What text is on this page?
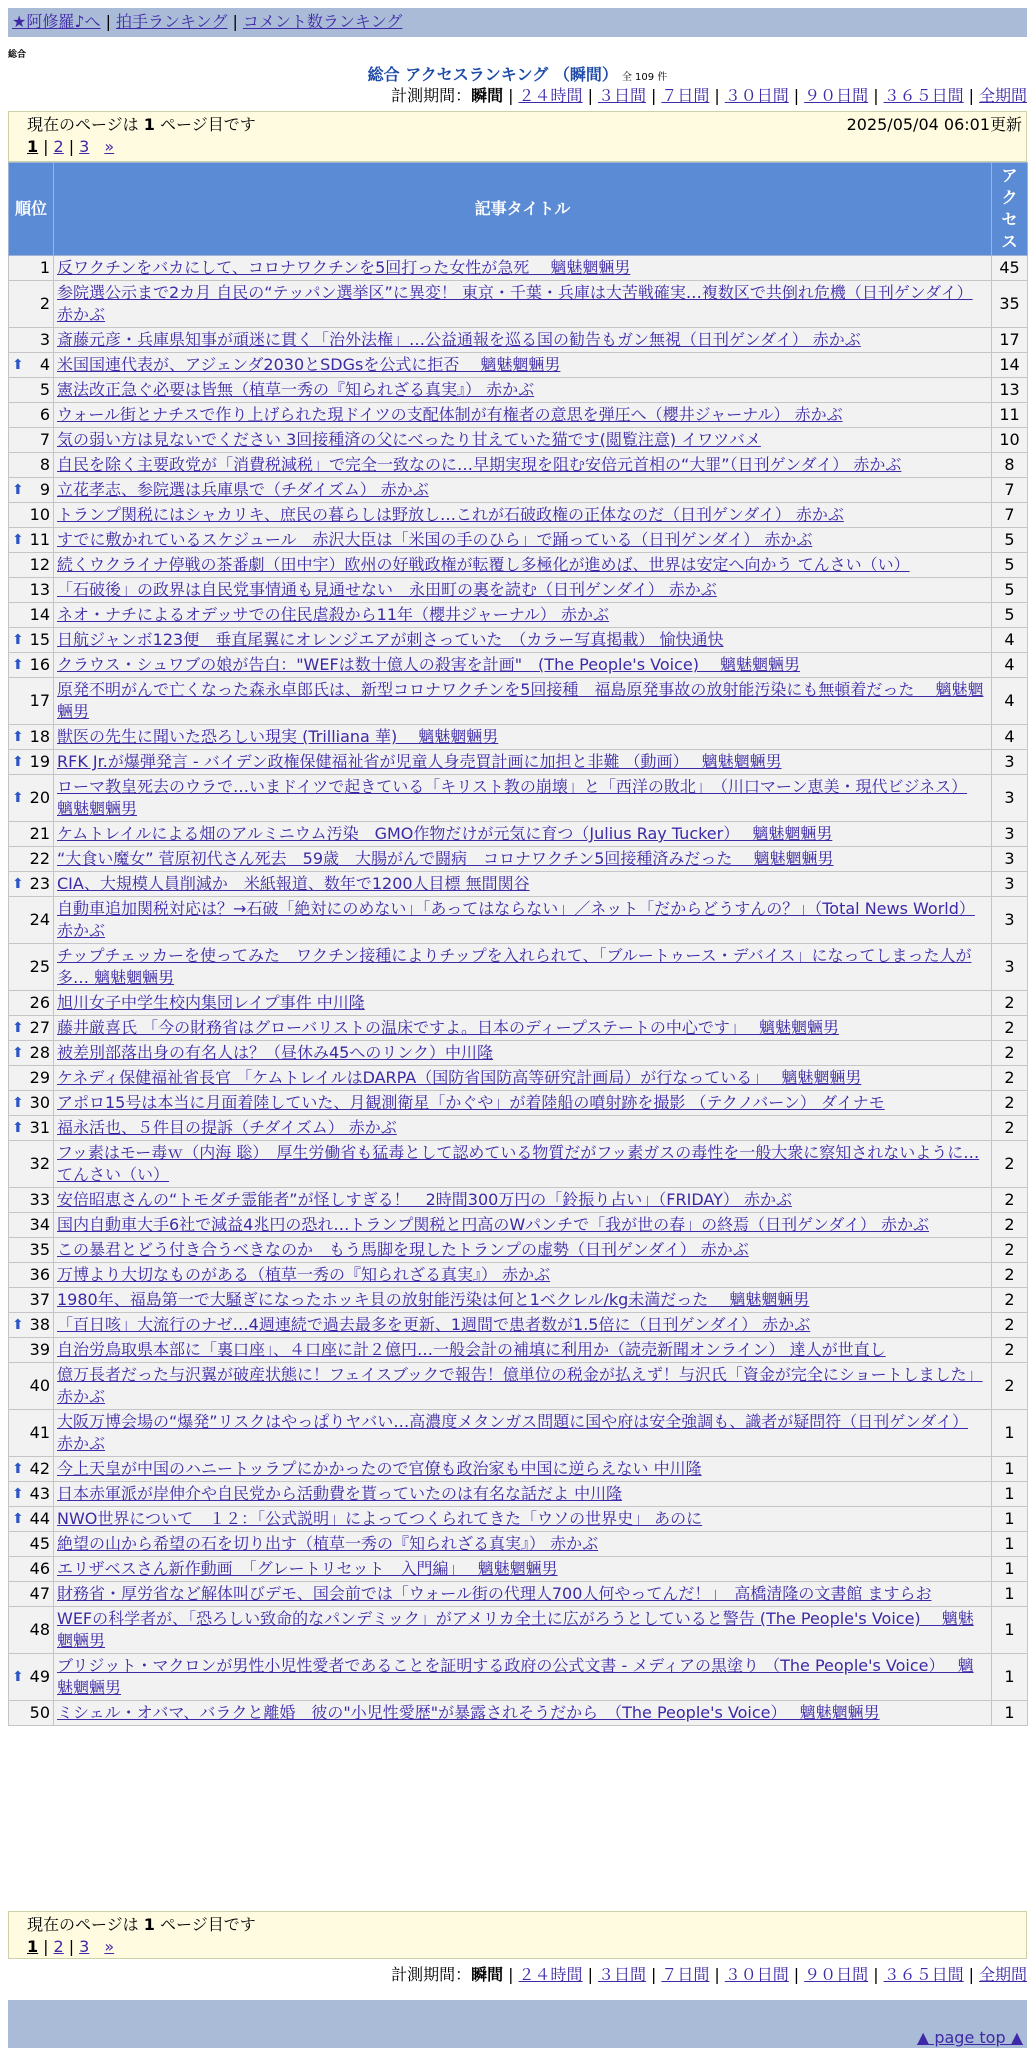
★阿修羅♪へ | 拍手ランキング | コメント数ランキング
総合
総合 アクセスランキング （瞬間） 全 109 件
計測期間：瞬間 | ２４時間 | ３日間 | ７日間 | ３０日間 | ９０日間 | ３６５日間 | 全期間
現在のページは 1 ページ目です	2025/05/04 06:01更新
1 | 2 | 3 »
順位	記事タイトル	アクセス
1	反ワクチンをバカにして、コロナワクチンを5回打った女性が急死　 魑魅魍魎男	45
2	参院選公示まで2カ月 自民の“テッパン選挙区”に異変！ 東京・千葉・兵庫は大苦戦確実…複数区で共倒れ危機（日刊ゲンダイ） 赤かぶ	35
3	斎藤元彦・兵庫県知事が頑迷に貫く「治外法権」…公益通報を巡る国の勧告もガン無視（日刊ゲンダイ） 赤かぶ	17

⬆ 4	米国国連代表が、アジェンダ2030とSDGsを公式に拒否　 魑魅魍魎男	14
5	憲法改正急ぐ必要は皆無（植草一秀の『知られざる真実』） 赤かぶ	13
6	ウォール街とナチスで作り上げられた現ドイツの支配体制が有権者の意思を弾圧へ（櫻井ジャーナル） 赤かぶ	11
7	気の弱い方は見ないでください 3回接種済の父にべったり甘えていた猫です(閲覧注意) イワツバメ	10
8	自民を除く主要政党が「消費税減税」で完全一致なのに…早期実現を阻む安倍元首相の“大罪”（日刊ゲンダイ） 赤かぶ	8

⬆ 9	立花孝志、参院選は兵庫県で（チダイズム） 赤かぶ	7
10	トランプ関税にはシャカリキ、庶民の暮らしは野放し…これが石破政権の正体なのだ（日刊ゲンダイ） 赤かぶ	7

⬆ 11	すでに敷かれているスケジュール　赤沢大臣は「米国の手のひら」で踊っている（日刊ゲンダイ） 赤かぶ	5
12	続くウクライナ停戦の茶番劇（田中宇）欧州の好戦政権が転覆し多極化が進めば、世界は安定へ向かう てんさい（い）	5
13	「石破後」の政界は自民党事情通も見通せない　永田町の裏を読む（日刊ゲンダイ） 赤かぶ	5
14	ネオ・ナチによるオデッサでの住民虐殺から11年（櫻井ジャーナル） 赤かぶ	5

⬆ 15	日航ジャンボ123便　垂直尾翼にオレンジエアが刺さっていた　（カラー写真掲載） 愉快通快	4

⬆ 16	クラウス・シュワブの娘が告白："WEFは数十億人の殺害を計画"　(The People's Voice)　 魑魅魍魎男	4
17	原発不明がんで亡くなった森永卓郎氏は、新型コロナワクチンを5回接種　福島原発事故の放射能汚染にも無頓着だった　 魑魅魍魎男	4

⬆ 18	獣医の先生に聞いた恐ろしい現実 (Trilliana 華)　 魑魅魍魎男	4

⬆ 19	RFK Jr.が爆弾発言 - バイデン政権保健福祉省が児童人身売買計画に加担と非難 （動画）　 魑魅魍魎男	3

⬆ 20	ローマ教皇死去のウラで…いまドイツで起きている「キリスト教の崩壊」と「西洋の敗北」　（川口マーン恵美・現代ビジネス） 魑魅魍魎男	3
21	ケムトレイルによる畑のアルミニウム汚染　GMO作物だけが元気に育つ（Julius Ray Tucker）　 魑魅魍魎男	3
22	“大食い魔女” 菅原初代さん死去　59歳　大腸がんで闘病　コロナワクチン5回接種済みだった　 魑魅魍魎男	3

⬆ 23	CIA、大規模人員削減か　米紙報道、数年で1200人目標 無間関谷	3
24	自動車追加関税対応は？→石破「絶対にのめない」「あってはならない」／ネット「だからどうすんの？」（Total News World） 赤かぶ	3
25	チップチェッカーを使ってみた　ワクチン接種によりチップを入れられて、「ブルートゥース・デバイス」になってしまった人が多… 魑魅魍魎男	3
26	旭川女子中学生校内集団レイプ事件 中川隆	2

⬆ 27	藤井厳喜氏 「今の財務省はグローバリストの温床ですよ。日本のディープステートの中心です」　 魑魅魍魎男	2

⬆ 28	被差別部落出身の有名人は？（昼休み45へのリンク）中川隆	2
29	ケネディ保健福祉省長官 「ケムトレイルはDARPA（国防省国防高等研究計画局）が行なっている」　 魑魅魍魎男	2

⬆ 30	アポロ15号は本当に月面着陸していた、月観測衛星「かぐや」が着陸船の噴射跡を撮影 （テクノバーン） ダイナモ	2

⬆ 31	福永活也、５件目の提訴（チダイズム） 赤かぶ	2
32	フッ素はモー毒ｗ（内海 聡）　厚生労働省も猛毒として認めている物質だがフッ素ガスの毒性を一般大衆に察知されないように… てんさい（い）	2
33	安倍昭恵さんの“トモダチ霊能者”が怪しすぎる！　2時間300万円の「鈴振り占い」（FRIDAY） 赤かぶ	2
34	国内自動車大手6社で減益4兆円の恐れ…トランプ関税と円高のWパンチで「我が世の春」の終焉（日刊ゲンダイ） 赤かぶ	2
35	この暴君とどう付き合うべきなのか　もう馬脚を現したトランプの虚勢（日刊ゲンダイ） 赤かぶ	2
36	万博より大切なものがある（植草一秀の『知られざる真実』） 赤かぶ	2
37	1980年、福島第一で大騒ぎになったホッキ貝の放射能汚染は何と1ベクレル/kg未満だった　 魑魅魍魎男	2

⬆ 38	「百日咳」大流行のナゼ…4週連続で過去最多を更新、1週間で患者数が1.5倍に（日刊ゲンダイ） 赤かぶ	2
39	自治労鳥取県本部に「裏口座」、４口座に計２億円…一般会計の補填に利用か（読売新聞オンライン） 達人が世直し	2
40	億万長者だった与沢翼が破産状態に！フェイスブックで報告！億単位の税金が払えず！与沢氏「資金が完全にショートしました」 赤かぶ	2
41	大阪万博会場の“爆発”リスクはやっぱりヤバい…高濃度メタンガス問題に国や府は安全強調も、識者が疑問符（日刊ゲンダイ） 赤かぶ	1

⬆ 42	今上天皇が中国のハニートッラプにかかったので官僚も政治家も中国に逆らえない 中川隆	1

⬆ 43	日本赤軍派が岸伸介や自民党から活動費を貰っていたのは有名な話だよ 中川隆	1

⬆ 44	NWO世界について　１２：「公式説明」によってつくられてきた「ウソの世界史」 あのに	1
45	絶望の山から希望の石を切り出す（植草一秀の『知られざる真実』） 赤かぶ	1
46	エリザベスさん新作動画　「グレートリセット　入門編」　 魑魅魍魎男	1
47	財務省・厚労省など解体叫びデモ、国会前では「ウォール街の代理人700人何やってんだ！」　高橋清隆の文書館 ますらお	1
48	WEFの科学者が、「恐ろしい致命的なパンデミック」がアメリカ全土に広がろうとしていると警告 (The People's Voice)　 魑魅魍魎男	1

⬆ 49	ブリジット・マクロンが男性小児性愛者であることを証明する政府の公式文書 - メディアの黒塗り （The People's Voice）　 魑魅魍魎男	1
50	ミシェル・オバマ、バラクと離婚　彼の"小児性愛歴"が暴露されそうだから　（The People's Voice）　 魑魅魍魎男	1
現在のページは 1 ページ目です
1 | 2 | 3 »
計測期間：瞬間 | ２４時間 | ３日間 | ７日間 | ３０日間 | ９０日間 | ３６５日間 | 全期間
▲ page top ▲
